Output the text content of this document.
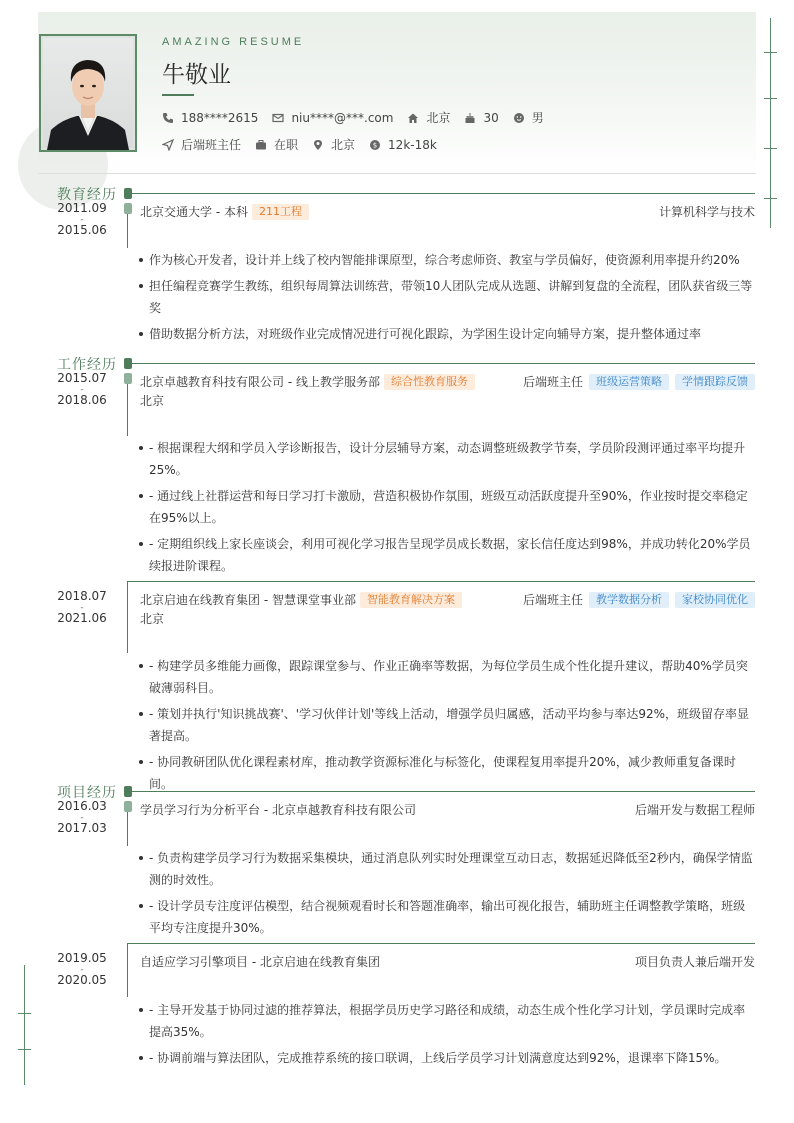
AMAZING RESUME
牛敬业
188****2615	niu****@***.com	北京	30	男
后端班主任	在职	北京	$ 12k-18k
教育经历
2011.09
-
2015.06
北京交通大学 - 本科	211工程	计算机科学与技术
作为核心开发者，设计并上线了校内智能排课原型，综合考虑师资、教室与学员偏好，使资源利用率提升约20%
担任编程竞赛学生教练，组织每周算法训练营，带领10人团队完成从选题、讲解到复盘的全流程，团队获省级三等奖
借助数据分析方法，对班级作业完成情况进行可视化跟踪，为学困生设计定向辅导方案，提升整体通过率
工作经历
2015.07
-
2018.06
北京卓越教育科技有限公司 - 线上教学服务部	综合性教育服务	后端班主任	班级运营策略	学情跟踪反馈
北京
- 根据课程大纲和学员入学诊断报告，设计分层辅导方案，动态调整班级教学节奏，学员阶段测评通过率平均提升25%。
- 通过线上社群运营和每日学习打卡激励，营造积极协作氛围，班级互动活跃度提升至90%，作业按时提交率稳定在95%以上。
- 定期组织线上家长座谈会，利用可视化学习报告呈现学员成长数据，家长信任度达到98%，并成功转化20%学员续报进阶课程。
2018.07
-
2021.06
北京启迪在线教育集团 - 智慧课堂事业部	智能教育解决方案	后端班主任	教学数据分析	家校协同优化
北京
- 构建学员多维能力画像，跟踪课堂参与、作业正确率等数据，为每位学员生成个性化提升建议，帮助40%学员突破薄弱科目。
- 策划并执行'知识挑战赛'、'学习伙伴计划'等线上活动，增强学员归属感，活动平均参与率达92%，班级留存率显著提高。
- 协同教研团队优化课程素材库，推动教学资源标准化与标签化，使课程复用率提升20%，减少教师重复备课时间。
项目经历
2016.03
-
2017.03
学员学习行为分析平台 - 北京卓越教育科技有限公司	后端开发与数据工程师
- 负责构建学员学习行为数据采集模块，通过消息队列实时处理课堂互动日志，数据延迟降低至2秒内，确保学情监测的时效性。
- 设计学员专注度评估模型，结合视频观看时长和答题准确率，输出可视化报告，辅助班主任调整教学策略，班级平均专注度提升30%。
2019.05
-
2020.05
自适应学习引擎项目 - 北京启迪在线教育集团	项目负责人兼后端开发
- 主导开发基于协同过滤的推荐算法，根据学员历史学习路径和成绩，动态生成个性化学习计划，学员课时完成率提高35%。
- 协调前端与算法团队，完成推荐系统的接口联调，上线后学员学习计划满意度达到92%，退课率下降15%。
